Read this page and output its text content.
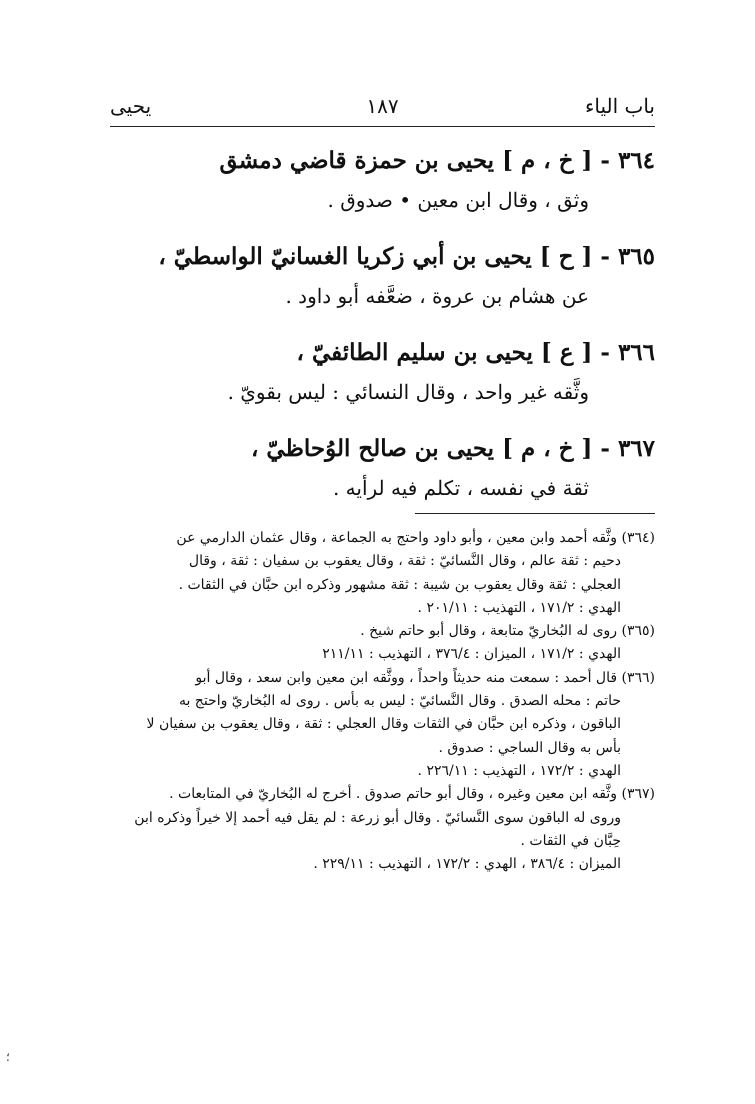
باب الياء
١٨٧
يحيى
٣٦٤ - [ خ ، م ] يحيى بن حمزة قاضي دمشق
وثق ، وقال ابن معين • صدوق .
٣٦٥ - [ ح ] يحيى بن أبي زكريا الغسانيّ الواسطيّ ،
عن هشام بن عروة ، ضعَّفه أبو داود .
٣٦٦ - [ ع ] يحيى بن سليم الطائفيّ ،
وثَّقه غير واحد ، وقال النسائي : ليس بقويّ .
٣٦٧ - [ خ ، م ] يحيى بن صالح الوُحاظيّ ،
ثقة في نفسه ، تكلم فيه لرأيه .
(٣٦٤) وثَّقه أحمد وابن معين ، وأبو داود واحتج به الجماعة ، وقال عثمان الدارمي عن
دحيم : ثقة عالم ، وقال النَّسائيّ : ثقة ، وقال يعقوب بن سفيان : ثقة ، وقال
العجلي : ثقة وقال يعقوب بن شيبة : ثقة مشهور وذكره ابن حبَّان في الثقات .
الهدي : ١٧١/٢ ، التهذيب : ٢٠١/١١ .
(٣٦٥) روى له البُخاريّ متابعة ، وقال أبو حاتم شيخ .
الهدي : ١٧١/٢ ، الميزان : ٣٧٦/٤ ، التهذيب : ٢١١/١١
(٣٦٦) قال أحمد : سمعت منه حديثاً واحداً ، ووثَّقه ابن معين وابن سعد ، وقال أبو
حاتم : محله الصدق . وقال النَّسائيّ : ليس به بأس . روى له البُخاريّ واحتج به
الباقون ، وذكره ابن حبَّان في الثقات وقال العجلي : ثقة ، وقال يعقوب بن سفيان لا
بأس به وقال الساجي : صدوق .
الهدي : ١٧٢/٢ ، التهذيب : ٢٢٦/١١ .
(٣٦٧) وثَّقه ابن معين وغيره ، وقال أبو حاتم صدوق . أخرج له البُخاريّ في المتابعات .
وروى له الباقون سوى النَّسائيّ . وقال أبو زرعة : لم يقل فيه أحمد إلا خيراً وذكره ابن
حِبَّان في الثقات .
الميزان : ٣٨٦/٤ ، الهدي : ١٧٢/٢ ، التهذيب : ٢٢٩/١١ .
؛
